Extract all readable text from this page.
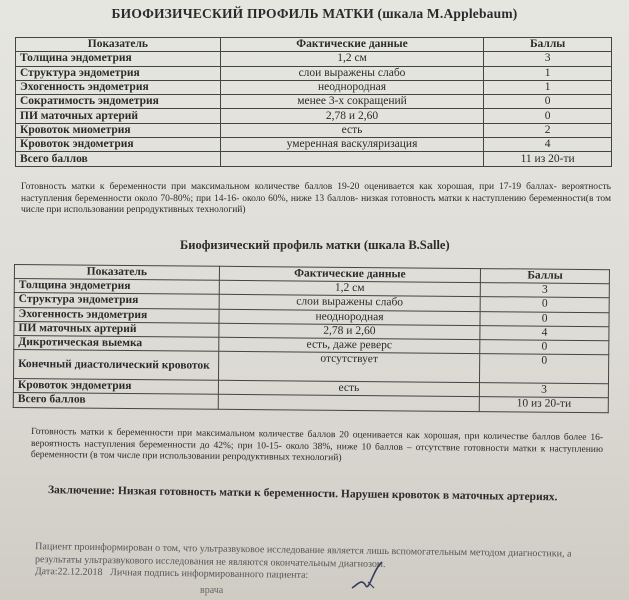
БИОФИЗИЧЕСКИЙ ПРОФИЛЬ МАТКИ (шкала M.Applebaum)
Показатель	Фактические данные	Баллы
Толщина эндометрия	1,2 см	3
Структура эндометрия	слои выражены слабо	1
Эхогенность эндометрия	неоднородная	1
Сократимость эндометрия	менее 3-х сокращений	0
ПИ маточных артерий	2,78 и 2,60	0
Кровоток миометрия	есть	2
Кровоток эндометрия	умеренная васкуляризация	4
Всего баллов		11 из 20-ти
Готовность матки к беременности при максимальном количестве баллов 19-20 оценивается как хорошая, при 17-19 баллах- вероятность наступления беременности около 70-80%; при 14-16- около 60%, ниже 13 баллов- низкая готовность матки к наступлению беременности(в том числе при использовании репродуктивных технологий)
Биофизический профиль матки (шкала B.Salle)
Показатель	Фактические данные	Баллы
Толщина эндометрия	1,2 см	3
Структура эндометрия	слои выражены слабо	0
Эхогенность эндометрия	неоднородная	0
ПИ маточных артерий	2,78 и 2,60	4
Дикротическая выемка	есть, даже реверс	0
Конечный диастолический кровоток	отсутствует	0
Кровоток эндометрия	есть	3
Всего баллов		10 из 20-ти
Готовность матки к беременности при максимальном количестве баллов 20 оценивается как хорошая, при количестве баллов более 16-вероятность наступления беременности до 42%; при 10-15- около 38%, ниже 10 баллов – отсутствие готовности матки к наступлению беременности (в том числе при использовании репродуктивных технологий)
Заключение: Низкая готовность матки к беременности. Нарушен кровоток в маточных артериях.
Пациент проинформирован о том, что ультразвуковое исследование является лишь вспомогательным методом диагностики, а результаты ультразвукового исследования не являются окончательным диагнозом.
Дата:22.12.2018 Личная подпись информированного пациента:
врача
